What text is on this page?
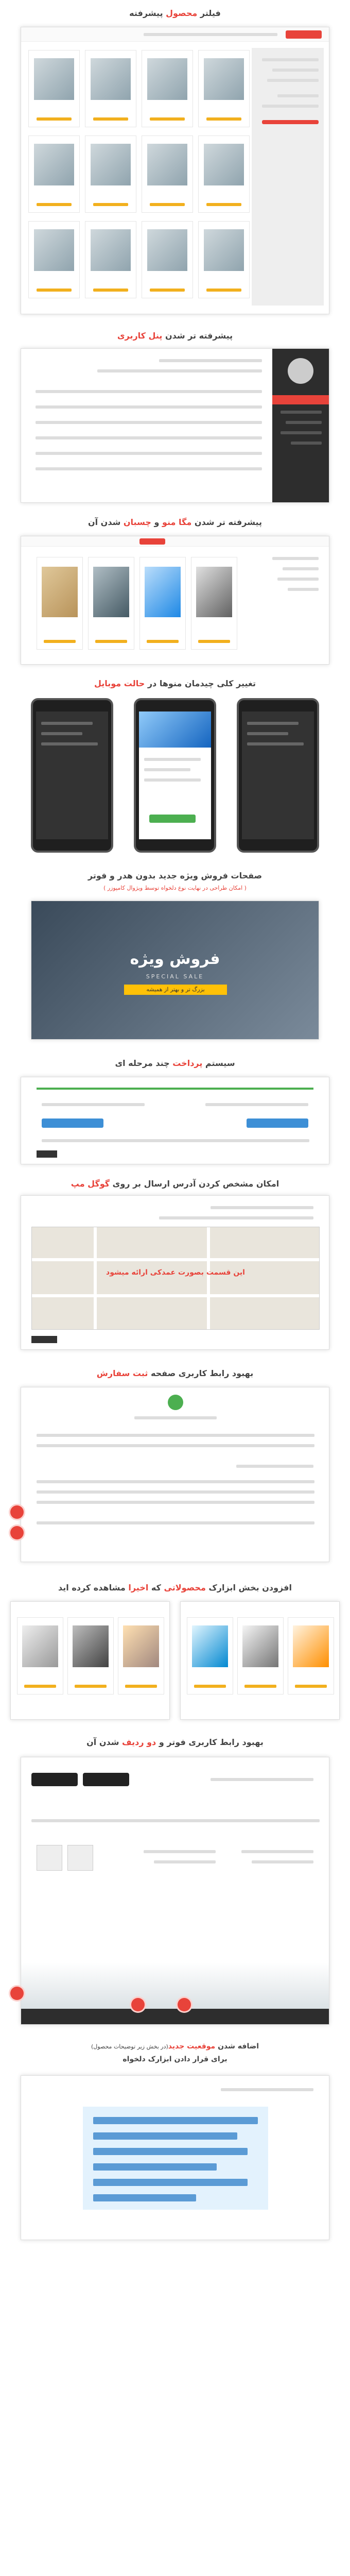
فیلتر محصول پیشرفته
پیشرفته تر شدن پنل کاربری
پیشرفته تر شدن مگا منو و چسبان شدن آن
تغییر کلی چیدمان منوها در حالت موبایل
صفحات فروش ویژه جدید بدون هدر و فوتر
( امکان طراحی در نهایت نوع دلخواه توسط ویژوال کامپوزر )
فروش ویژه
SPECIAL SALE
بزرگ تر و بهتر از همیشه
سیستم پرداخت چند مرحله ای
امکان مشخص کردن آدرس ارسال بر روی گوگل مپ
این قسمت بصورت عمدکی ارائه میشود
بهبود رابط کاربری صفحه ثبت سفارش
افزودن بخش ابزارک محصولاتی که اخیرا مشاهده کرده اید
بهبود رابط کاربری فوتر و دو ردیف شدن آن
اضافه شدن موقعیت جدید(در بخش زیر توضیحات محصول)
برای قرار دادن ابزارک دلخواه
